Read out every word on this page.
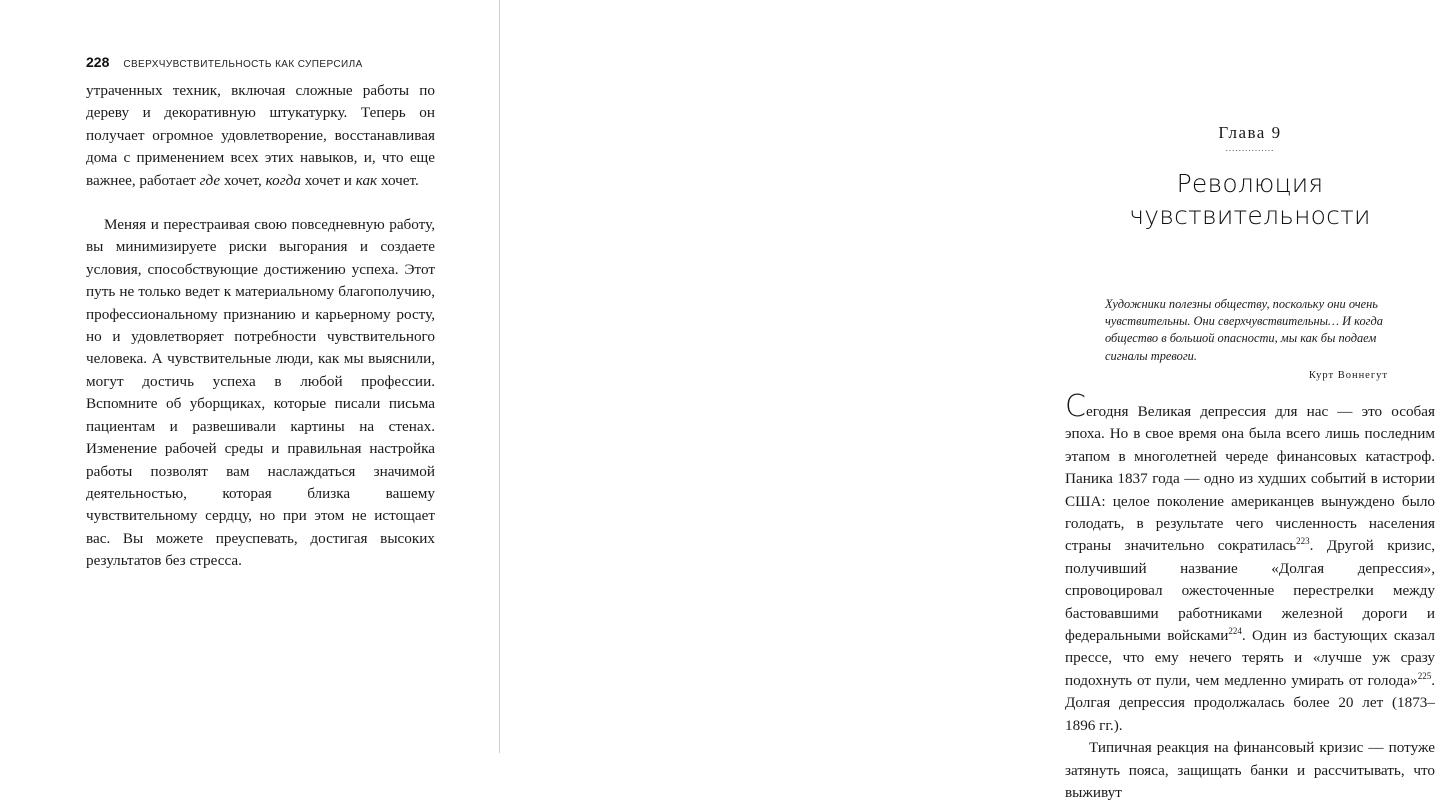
228 СВЕРХЧУВСТВИТЕЛЬНОСТЬ КАК СУПЕРСИЛА

утраченных техник, включая сложные работы по дереву и декоративную штукатурку. Теперь он получает огромное удовлетворение, восстанавливая дома с применением всех этих навыков, и, что еще важнее, работает где хочет, когда хочет и как хочет.

Меняя и перестраивая свою повседневную работу, вы минимизируете риски выгорания и создаете условия, способствующие достижению успеха. Этот путь не только ведет к материальному благополучию, профессиональному признанию и карьерному росту, но и удовлетворяет потребности чувствительного человека. А чувствительные люди, как мы выяснили, могут достичь успеха в любой профессии. Вспомните об уборщиках, которые писали письма пациентам и развешивали картины на стенах. Изменение рабочей среды и правильная настройка работы позволят вам наслаждаться значимой деятельностью, которая близка вашему чувствительному сердцу, но при этом не истощает вас. Вы можете преуспевать, достигая высоких результатов без стресса.

Глава 9
...............
Революция
чувствительности

Художники полезны обществу, поскольку они очень чувствительны. Они сверхчувствительны… И когда общество в большой опасности, мы как бы подаем сигналы тревоги.

Курт Воннегут

Сегодня Великая депрессия для нас — это особая эпоха. Но в свое время она была всего лишь последним этапом в многолетней череде финансовых катастроф. Паника 1837 года — одно из худших событий в истории США: целое поколение американцев вынуждено было голодать, в результате чего численность населения страны значительно сократилась$^{223}$. Другой кризис, получивший название «Долгая депрессия», спровоцировал ожесточенные перестрелки между бастовавшими работниками железной дороги и федеральными войсками$^{224}$. Один из бастующих сказал прессе, что ему нечего терять и «лучше уж сразу подохнуть от пули, чем медленно умирать от голода»$^{225}$. Долгая депрессия продолжалась более 20 лет (1873–1896 гг.).

Типичная реакция на финансовый кризис — потуже затянуть пояса, защищать банки и рассчитывать, что выживут
